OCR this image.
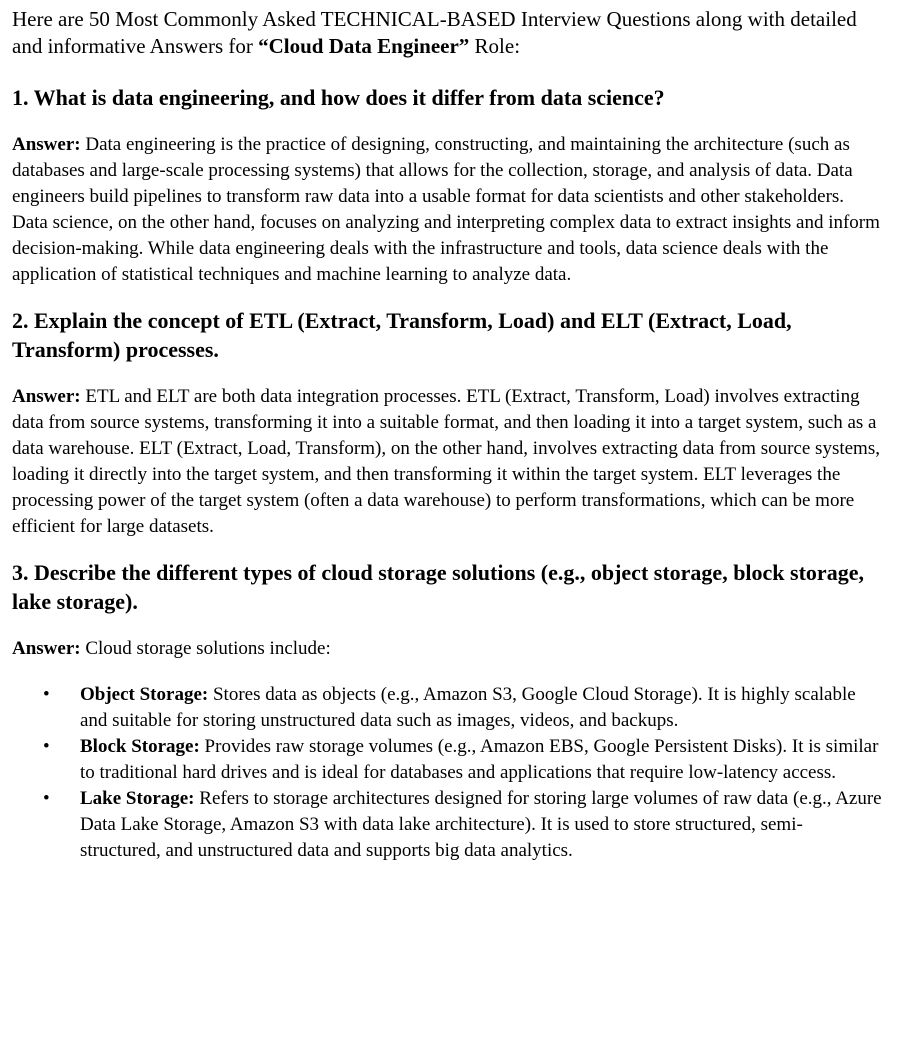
Here are 50 Most Commonly Asked TECHNICAL-BASED Interview Questions along with detailed and informative Answers for “Cloud Data Engineer” Role:

1. What is data engineering, and how does it differ from data science?

Answer: Data engineering is the practice of designing, constructing, and maintaining the architecture (such as databases and large-scale processing systems) that allows for the collection, storage, and analysis of data. Data engineers build pipelines to transform raw data into a usable format for data scientists and other stakeholders. Data science, on the other hand, focuses on analyzing and interpreting complex data to extract insights and inform decision-making. While data engineering deals with the infrastructure and tools, data science deals with the application of statistical techniques and machine learning to analyze data.

2. Explain the concept of ETL (Extract, Transform, Load) and ELT (Extract, Load, Transform) processes.

Answer: ETL and ELT are both data integration processes. ETL (Extract, Transform, Load) involves extracting data from source systems, transforming it into a suitable format, and then loading it into a target system, such as a data warehouse. ELT (Extract, Load, Transform), on the other hand, involves extracting data from source systems, loading it directly into the target system, and then transforming it within the target system. ELT leverages the processing power of the target system (often a data warehouse) to perform transformations, which can be more efficient for large datasets.

3. Describe the different types of cloud storage solutions (e.g., object storage, block storage, lake storage).

Answer: Cloud storage solutions include:

• Object Storage: Stores data as objects (e.g., Amazon S3, Google Cloud Storage). It is highly scalable and suitable for storing unstructured data such as images, videos, and backups.
• Block Storage: Provides raw storage volumes (e.g., Amazon EBS, Google Persistent Disks). It is similar to traditional hard drives and is ideal for databases and applications that require low-latency access.
• Lake Storage: Refers to storage architectures designed for storing large volumes of raw data (e.g., Azure Data Lake Storage, Amazon S3 with data lake architecture). It is used to store structured, semi-structured, and unstructured data and supports big data analytics.
